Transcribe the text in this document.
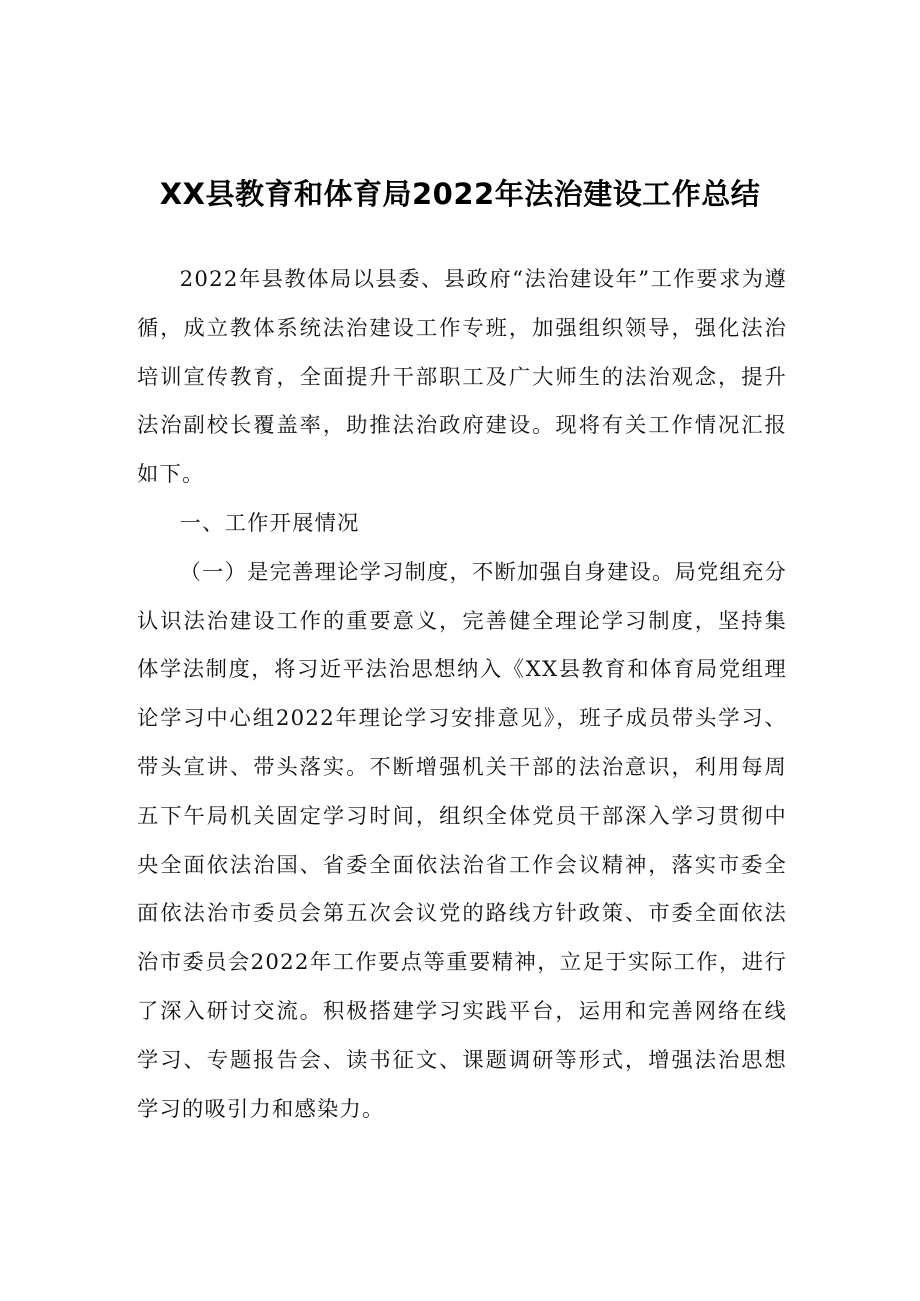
XX县教育和体育局2022年法治建设工作总结

2022年县教体局以县委、县政府“法治建设年”工作要求为遵循，成立教体系统法治建设工作专班，加强组织领导，强化法治培训宣传教育，全面提升干部职工及广大师生的法治观念，提升法治副校长覆盖率，助推法治政府建设。现将有关工作情况汇报如下。

一、工作开展情况

（一）是完善理论学习制度，不断加强自身建设。局党组充分认识法治建设工作的重要意义，完善健全理论学习制度，坚持集体学法制度，将习近平法治思想纳入《XX县教育和体育局党组理论学习中心组2022年理论学习安排意见》，班子成员带头学习、带头宣讲、带头落实。不断增强机关干部的法治意识，利用每周五下午局机关固定学习时间，组织全体党员干部深入学习贯彻中央全面依法治国、省委全面依法治省工作会议精神，落实市委全面依法治市委员会第五次会议党的路线方针政策、市委全面依法治市委员会2022年工作要点等重要精神，立足于实际工作，进行了深入研讨交流。积极搭建学习实践平台，运用和完善网络在线学习、专题报告会、读书征文、课题调研等形式，增强法治思想学习的吸引力和感染力。
